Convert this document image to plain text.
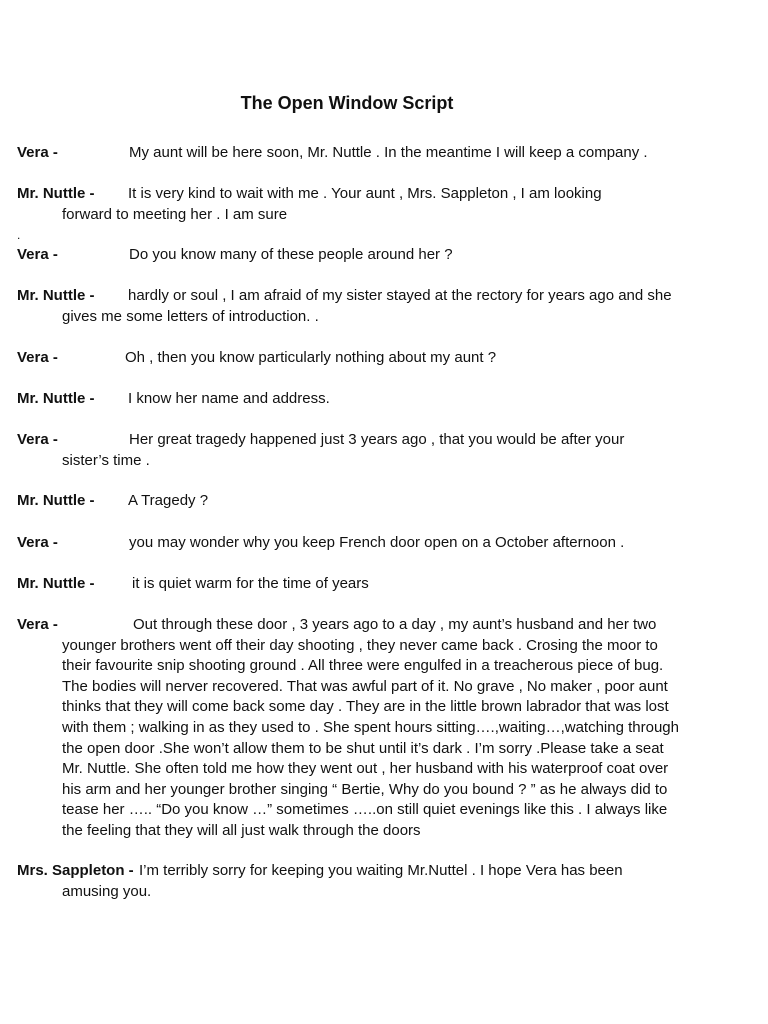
The Open Window Script
Vera -	My aunt will be here soon, Mr. Nuttle . In the meantime I will keep a company .
Mr. Nuttle - It is very kind to wait with me . Your aunt , Mrs. Sappleton , I am looking
forward to meeting her . I am sure
.
Vera -	Do you know many of these people around her ?
Mr. Nuttle - hardly or soul , I am afraid of my sister stayed at the rectory for years ago and she
gives me some letters of introduction. .
Vera -	Oh , then you know particularly nothing about my aunt ?
Mr. Nuttle - I know her name and address.
Vera -	Her great tragedy happened just 3 years ago , that you would be after your
sister’s time .
Mr. Nuttle - A Tragedy ?
Vera -	you may wonder why you keep French door open on a October afternoon .
Mr. Nuttle -	it is quiet warm for the time of years
Vera -	Out through these door , 3 years ago to a day , my aunt’s husband and her two
younger brothers went off their day shooting , they never came back . Crosing the moor to their favourite snip shooting ground . All three were engulfed in a treacherous piece of bug. The bodies will nerver recovered. That was awful part of it. No grave , No maker , poor aunt thinks that they will come back some day . They are in the little brown labrador that was lost with them ; walking in as they used to . She spent hours sitting….,waiting…,watching through the open door .She won’t allow them to be shut until it’s dark . I’m sorry .Please take a seat Mr. Nuttle. She often told me how they went out , her husband with his waterproof coat over his arm and her younger brother singing “ Bertie, Why do you bound ? ” as he always did to tease her ….. “Do you know …” sometimes …..on still quiet evenings like this . I always like the feeling that they will all just walk through the doors
Mrs. Sappleton - I’m terribly sorry for keeping you waiting Mr.Nuttel . I hope Vera has been
amusing you.
